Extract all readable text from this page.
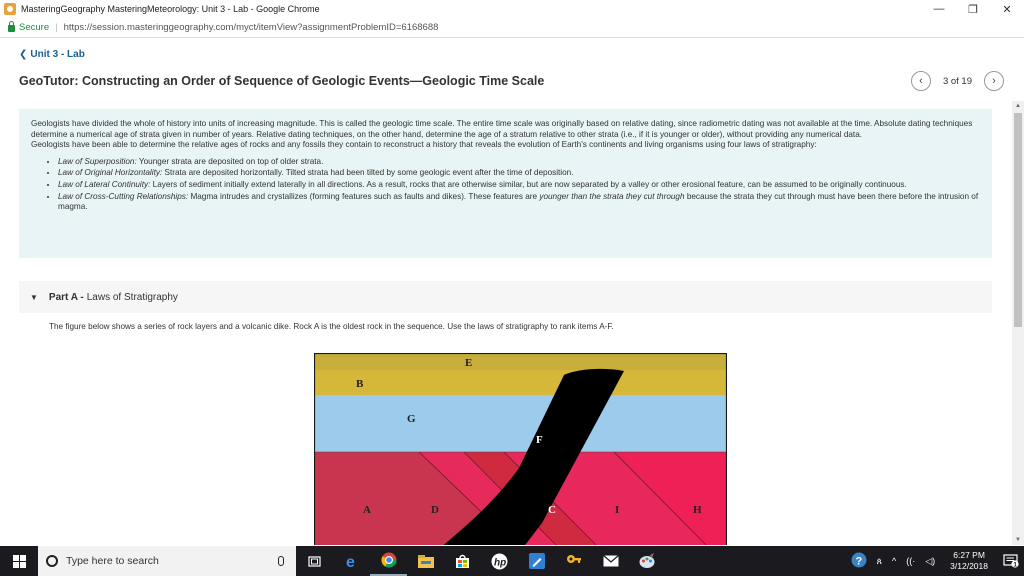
MasteringGeography MasteringMeteorology: Unit 3 - Lab - Google Chrome	—	❐	✕
Secure | https://session.masteringgeography.com/myct/itemView?assignmentProblemID=6168688
❮ Unit 3 - Lab
GeoTutor: Constructing an Order of Sequence of Geologic Events—Geologic Time Scale	‹	3 of 19	›

Geologists have divided the whole of history into units of increasing magnitude. This is called the geologic time scale. The entire time scale was originally based on relative dating, since radiometric dating was not available at the time. Absolute dating techniques determine a numerical age of strata given in number of years. Relative dating techniques, on the other hand, determine the age of a stratum relative to other strata (i.e., if it is younger or older), without providing any numerical data.

Geologists have been able to determine the relative ages of rocks and any fossils they contain to reconstruct a history that reveals the evolution of Earth's continents and living organisms using four laws of stratigraphy:

• Law of Superposition: Younger strata are deposited on top of older strata.
• Law of Original Horizontality: Strata are deposited horizontally. Tilted strata had been tilted by some geologic event after the time of deposition.
• Law of Lateral Continuity: Layers of sediment initially extend laterally in all directions. As a result, rocks that are otherwise similar, but are now separated by a valley or other erosional feature, can be assumed to be originally continuous.
• Law of Cross-Cutting Relationships: Magma intrudes and crystallizes (forming features such as faults and dikes). These features are younger than the strata they cut through because the strata they cut through must have been there before the intrusion of magma.
▼ Part A - Laws of Stratigraphy
The figure below shows a series of rock layers and a volcanic dike. Rock A is the oldest rock in the sequence. Use the laws of stratigraphy to rank items A-F.
E
B
G
F
A	D	C	I	H
▲
▼
Type here to search	e	hp	?	ጰ	^	((·	◁)
6:27 PM
3/12/2018	1
